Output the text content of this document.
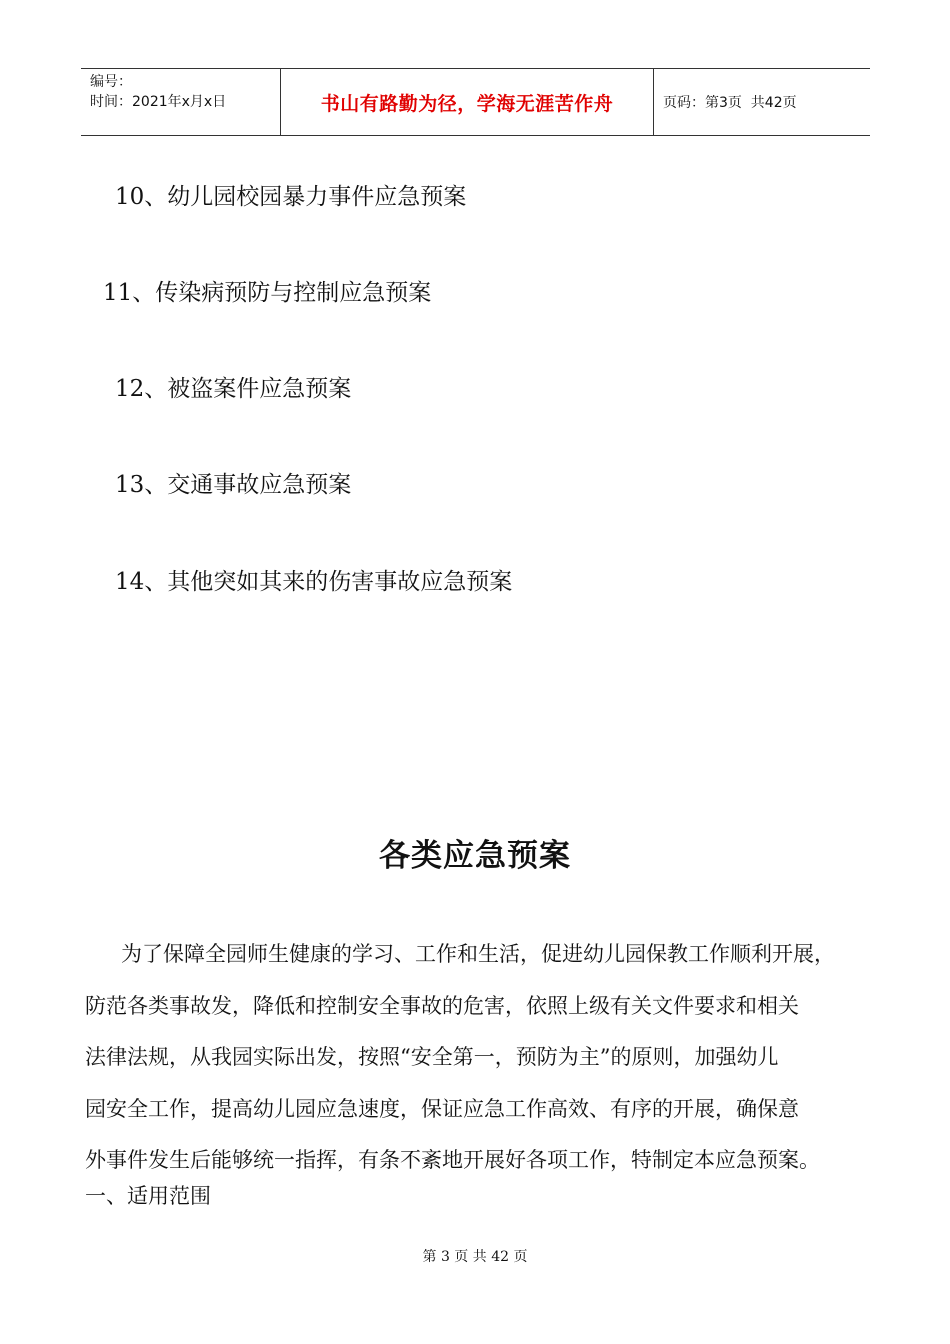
编号：
时间：2021年x月x日	书山有路勤为径，学海无涯苦作舟	页码：第3页  共42页
10、幼儿园校园暴力事件应急预案
11、传染病预防与控制应急预案
12、被盗案件应急预案
13、交通事故应急预案
14、其他突如其来的伤害事故应急预案
各类应急预案
为了保障全园师生健康的学习、工作和生活，促进幼儿园保教工作顺利开展，
防范各类事故发，降低和控制安全事故的危害，依照上级有关文件要求和相关
法律法规，从我园实际出发，按照“安全第一，预防为主”的原则，加强幼儿
园安全工作，提高幼儿园应急速度，保证应急工作高效、有序的开展，确保意
外事件发生后能够统一指挥，有条不紊地开展好各项工作，特制定本应急预案。
一、适用范围
第 3 页 共 42 页
